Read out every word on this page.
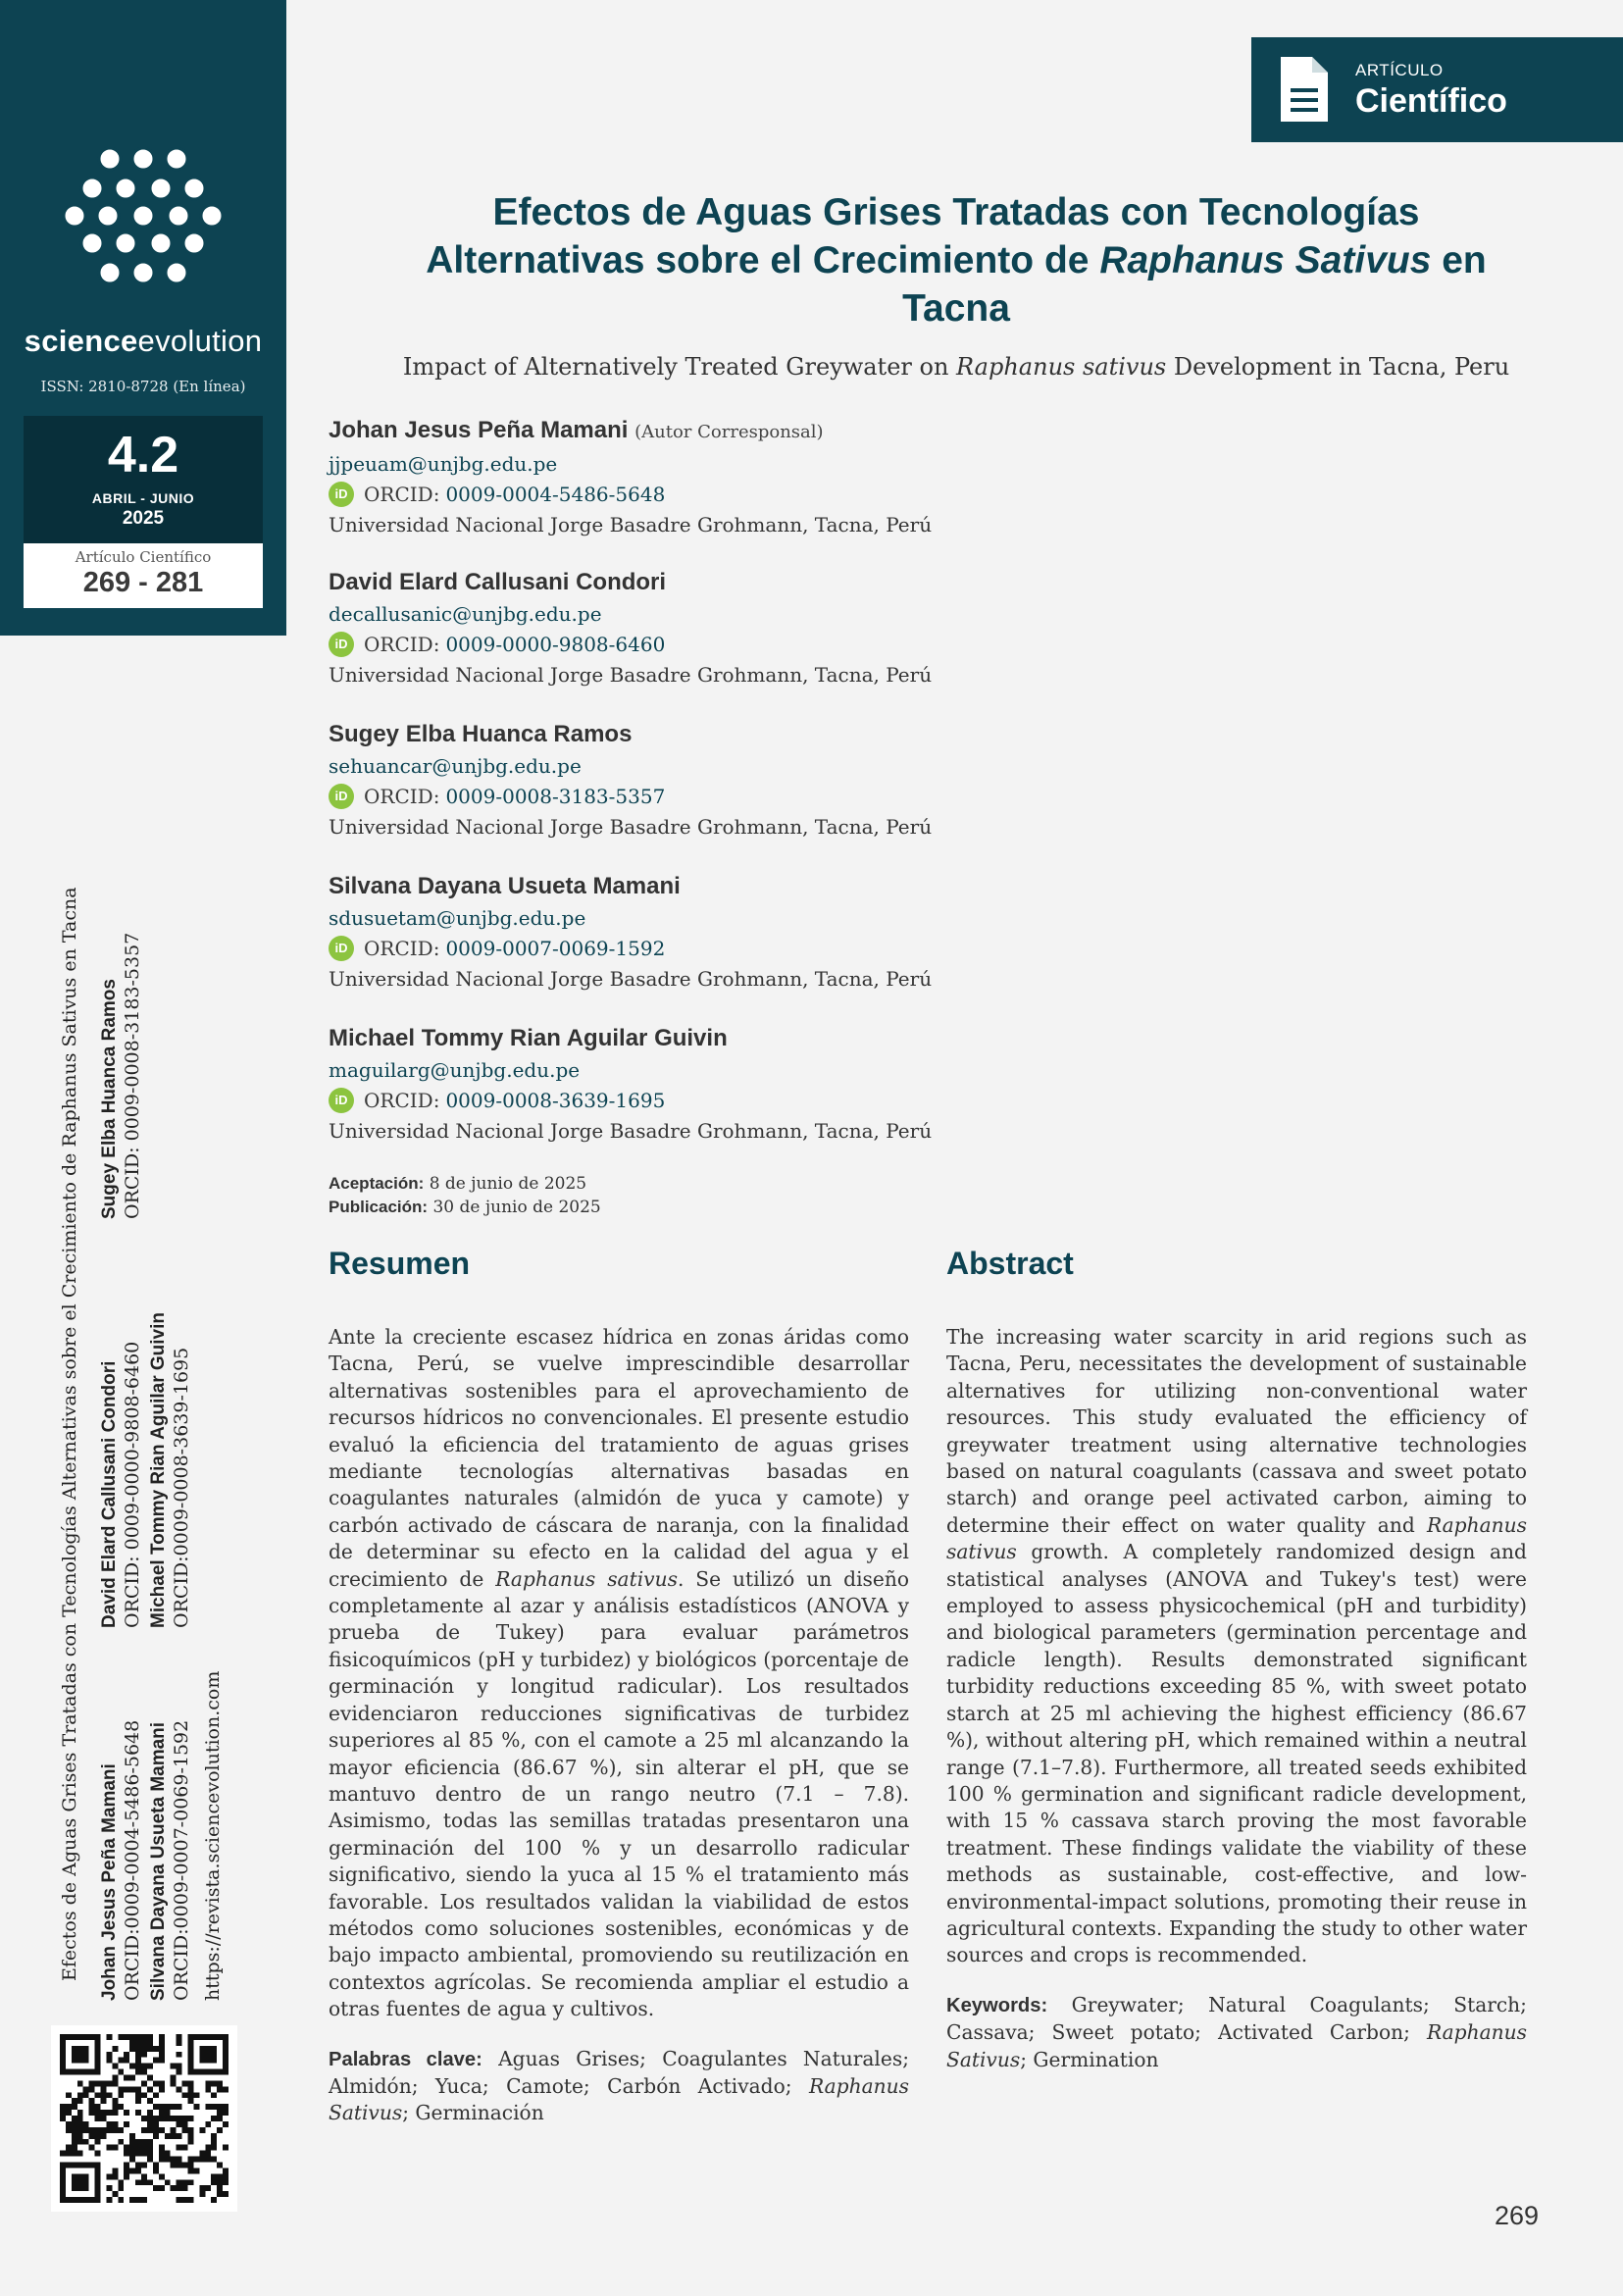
scienceevolution
ISSN: 2810-8728 (En línea)
4.2
ABRIL - JUNIO
2025
Artículo Científico
269 - 281
Efectos de Aguas Grises Tratadas con Tecnologías Alternativas sobre el Crecimiento de Raphanus Sativus en Tacna Johan Jesus Peña Mamani ORCID:0009-0004-5486-5648
David Elard Callusani Condori ORCID: 0009-0000-9808-6460
Sugey Elba Huanca Ramos ORCID: 0009-0008-3183-5357
Silvana Dayana Usueta Mamani ORCID:0009-0007-0069-1592
Michael Tommy Rian Aguilar Guivin ORCID:0009-0008-3639-1695
https://revista.sciencevolution.com
ARTÍCULO
Científico
Efectos de Aguas Grises Tratadas con Tecnologías
Alternativas sobre el Crecimiento de Raphanus Sativus en
Tacna
Impact of Alternatively Treated Greywater on Raphanus sativus Development in Tacna, Peru
Johan Jesus Peña Mamani (Autor Corresponsal)
jjpeuam@unjbg.edu.pe
iD ORCID: 0009-0004-5486-5648
Universidad Nacional Jorge Basadre Grohmann, Tacna, Perú
David Elard Callusani Condori
decallusanic@unjbg.edu.pe
iD ORCID: 0009-0000-9808-6460
Universidad Nacional Jorge Basadre Grohmann, Tacna, Perú
Sugey Elba Huanca Ramos
sehuancar@unjbg.edu.pe
iD ORCID: 0009-0008-3183-5357
Universidad Nacional Jorge Basadre Grohmann, Tacna, Perú
Silvana Dayana Usueta Mamani
sdusuetam@unjbg.edu.pe
iD ORCID: 0009-0007-0069-1592
Universidad Nacional Jorge Basadre Grohmann, Tacna, Perú
Michael Tommy Rian Aguilar Guivin
maguilarg@unjbg.edu.pe
iD ORCID: 0009-0008-3639-1695
Universidad Nacional Jorge Basadre Grohmann, Tacna, Perú
Aceptación: 8 de junio de 2025
Publicación: 30 de junio de 2025
Resumen

Ante la creciente escasez hídrica en zonas áridas como Tacna, Perú, se vuelve imprescindible desarrollar alternativas sostenibles para el aprovechamiento de recursos hídricos no convencionales. El presente estudio evaluó la eficiencia del tratamiento de aguas grises mediante tecnologías alternativas basadas en coagulantes naturales (almidón de yuca y camote) y carbón activado de cáscara de naranja, con la finalidad de determinar su efecto en la calidad del agua y el crecimiento de Raphanus sativus. Se utilizó un diseño completamente al azar y análisis estadísticos (ANOVA y prueba de Tukey) para evaluar parámetros fisicoquímicos (pH y turbidez) y biológicos (porcentaje de germinación y longitud radicular). Los resultados evidenciaron reducciones significativas de turbidez superiores al 85 %, con el camote a 25 ml alcanzando la mayor eficiencia (86.67 %), sin alterar el pH, que se mantuvo dentro de un rango neutro (7.1 – 7.8). Asimismo, todas las semillas tratadas presentaron una germinación del 100 % y un desarrollo radicular significativo, siendo la yuca al 15 % el tratamiento más favorable. Los resultados validan la viabilidad de estos métodos como soluciones sostenibles, económicas y de bajo impacto ambiental, promoviendo su reutilización en contextos agrícolas. Se recomienda ampliar el estudio a otras fuentes de agua y cultivos.

Palabras clave: Aguas Grises; Coagulantes Naturales; Almidón; Yuca; Camote; Carbón Activado; Raphanus Sativus; Germinación

Abstract

The increasing water scarcity in arid regions such as Tacna, Peru, necessitates the development of sustainable alternatives for utilizing non-conventional water resources. This study evaluated the efficiency of greywater treatment using alternative technologies based on natural coagulants (cassava and sweet potato starch) and orange peel activated carbon, aiming to determine their effect on water quality and Raphanus sativus growth. A completely randomized design and statistical analyses (ANOVA and Tukey's test) were employed to assess physicochemical (pH and turbidity) and biological parameters (germination percentage and radicle length). Results demonstrated significant turbidity reductions exceeding 85 %, with sweet potato starch at 25 ml achieving the highest efficiency (86.67 %), without altering pH, which remained within a neutral range (7.1–7.8). Furthermore, all treated seeds exhibited 100 % germination and significant radicle development, with 15 % cassava starch proving the most favorable treatment. These findings validate the viability of these methods as sustainable, cost-effective, and low-environmental-impact solutions, promoting their reuse in agricultural contexts. Expanding the study to other water sources and crops is recommended.

Keywords: Greywater; Natural Coagulants; Starch; Cassava; Sweet potato; Activated Carbon; Raphanus Sativus; Germination

269
